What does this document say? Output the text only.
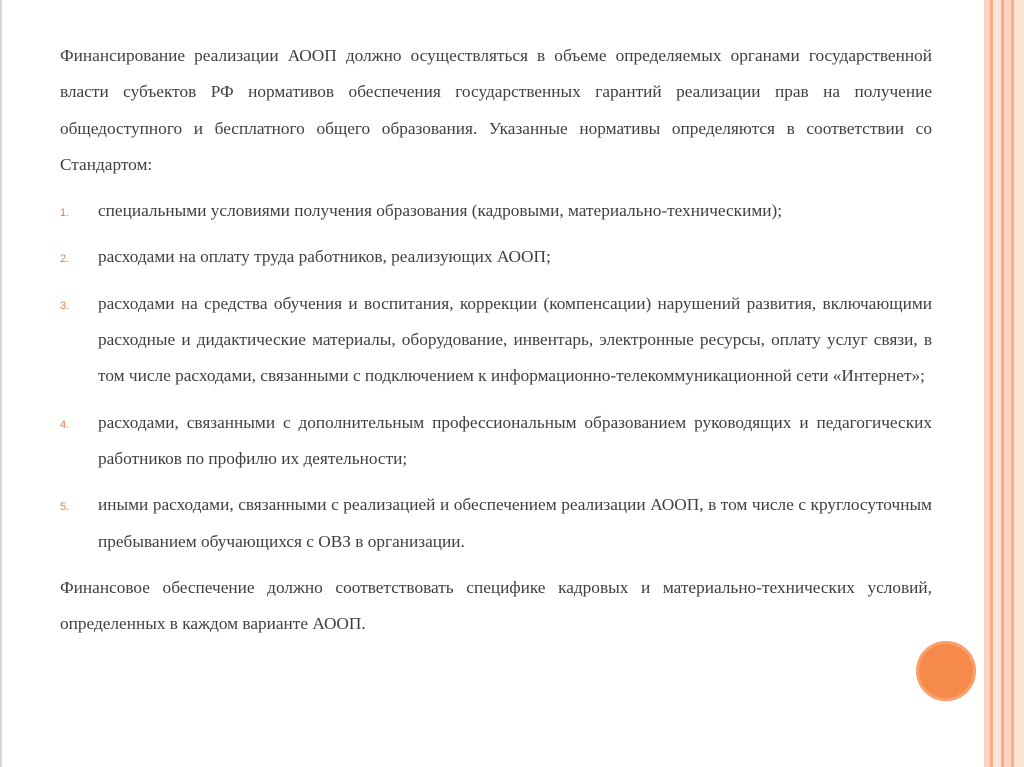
Финансирование реализации АООП должно осуществляться в объеме определяемых органами государственной власти субъектов РФ нормативов обеспечения государственных гарантий реализации прав на получение общедоступного и бесплатного общего образования. Указанные нормативы определяются в соответствии со Стандартом:

1. специальными условиями получения образования (кадровыми, материально-техническими);
2. расходами на оплату труда работников, реализующих АООП;
3. расходами на средства обучения и воспитания, коррекции (компенсации) нарушений развития, включающими расходные и дидактические материалы, оборудование, инвентарь, электронные ресурсы, оплату услуг связи, в том числе расходами, связанными с подключением к информационно-телекоммуникационной сети «Интернет»;
4. расходами, связанными с дополнительным профессиональным образованием руководящих и педагогических работников по профилю их деятельности;
5. иными расходами, связанными с реализацией и обеспечением реализации АООП, в том числе с круглосуточным пребыванием обучающихся с ОВЗ в организации.

Финансовое обеспечение должно соответствовать специфике кадровых и материально-технических условий, определенных в каждом варианте АООП.
